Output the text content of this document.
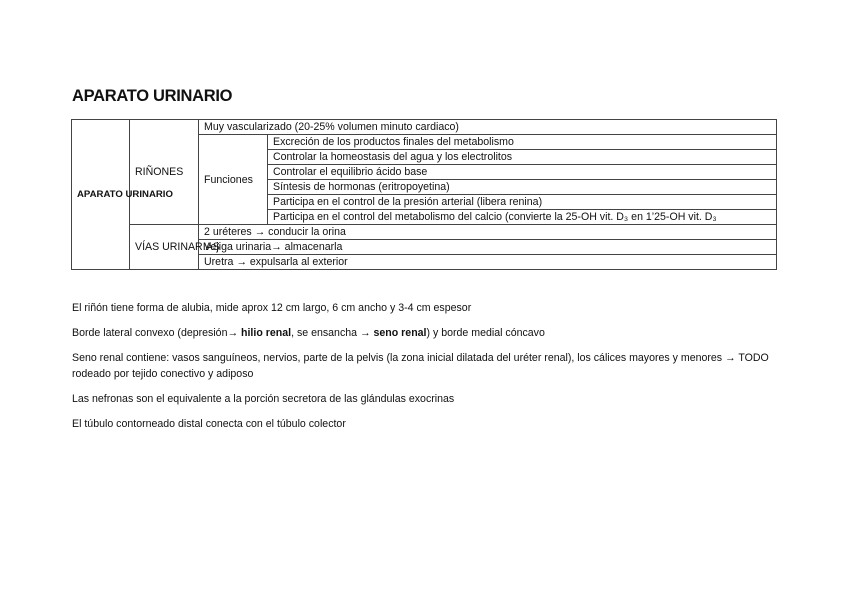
APARATO URINARIO
APARATO URINARIO	RIÑONES	Muy vascularizado (20-25% volumen minuto cardiaco)	
		Funciones	Excreción de los productos finales del metabolismo
			Controlar la homeostasis del agua y los electrolitos
			Controlar el equilibrio ácido base
			Síntesis de hormonas (eritropoyetina)
			Participa en el control de la presión arterial (libera renina)
			Participa en el control del metabolismo del calcio (convierte la 25-OH vit. D₃ en 1’25-OH vit. D₃
	VÍAS URINARIAS	2 uréteres → conducir la orina	
		Vejiga urinaria→ almacenarla	
		Uretra → expulsarla al exterior	

El riñón tiene forma de alubia, mide aprox 12 cm largo, 6 cm ancho y 3-4 cm espesor

Borde lateral convexo (depresión→ hilio renal, se ensancha → seno renal) y borde medial cóncavo

Seno renal contiene: vasos sanguíneos, nervios, parte de la pelvis (la zona inicial dilatada del uréter renal), los cálices mayores y menores → TODO rodeado por tejido conectivo y adiposo

Las nefronas son el equivalente a la porción secretora de las glándulas exocrinas

El túbulo contorneado distal conecta con el túbulo colector
